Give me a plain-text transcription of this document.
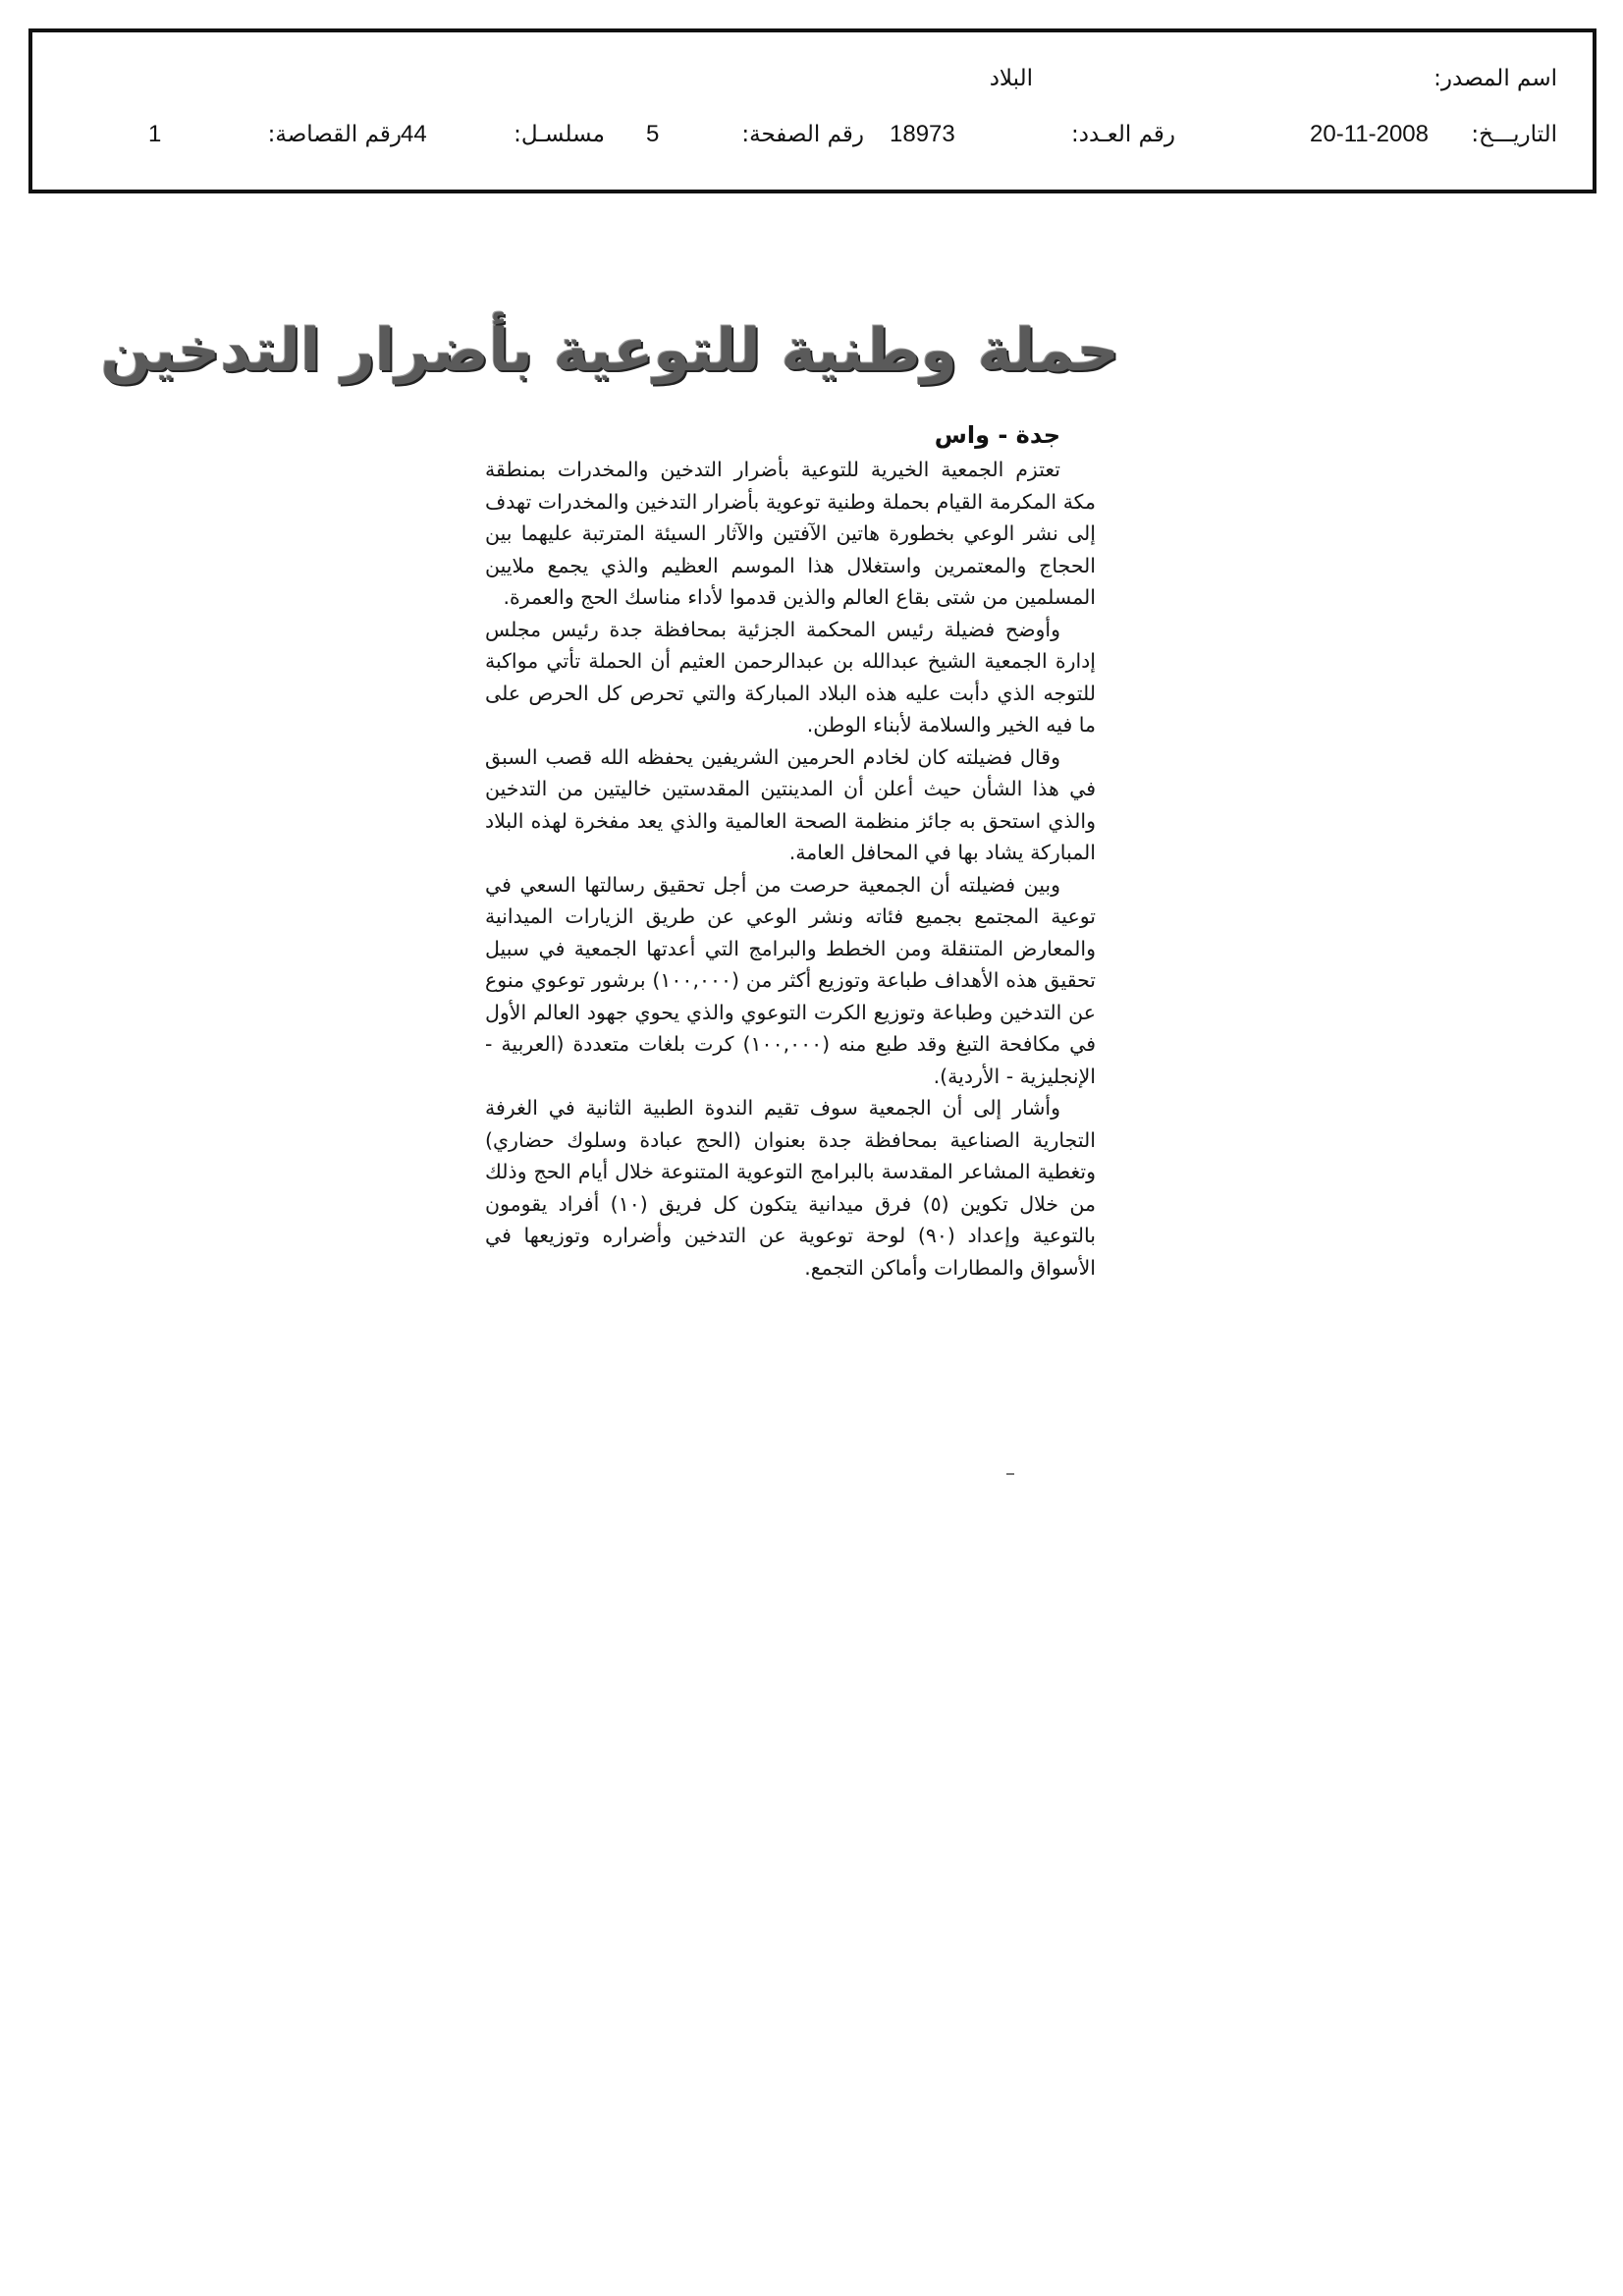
اسم المصدر:
البلاد
التاريـــخ:
20-11-2008
رقم العـدد:
18973
رقم الصفحة:
5
مسلسـل:
44
رقم القصاصة:
1
حملة وطنية للتوعية بأضرار التدخين
جدة - واس

تعتزم الجمعية الخيرية للتوعية بأضرار التدخين والمخدرات بمنطقة مكة المكرمة القيام بحملة وطنية توعوية بأضرار التدخين والمخدرات تهدف إلى نشر الوعي بخطورة هاتين الآفتين والآثار السيئة المترتبة عليهما بين الحجاج والمعتمرين واستغلال هذا الموسم العظيم والذي يجمع ملايين المسلمين من شتى بقاع العالم والذين قدموا لأداء مناسك الحج والعمرة.

وأوضح فضيلة رئيس المحكمة الجزئية بمحافظة جدة رئيس مجلس إدارة الجمعية الشيخ عبدالله بن عبدالرحمن العثيم أن الحملة تأتي مواكبة للتوجه الذي دأبت عليه هذه البلاد المباركة والتي تحرص كل الحرص على ما فيه الخير والسلامة لأبناء الوطن.

وقال فضيلته كان لخادم الحرمين الشريفين يحفظه الله قصب السبق في هذا الشأن حيث أعلن أن المدينتين المقدستين خاليتين من التدخين والذي استحق به جائز منظمة الصحة العالمية والذي يعد مفخرة لهذه البلاد المباركة يشاد بها في المحافل العامة.

وبين فضيلته أن الجمعية حرصت من أجل تحقيق رسالتها السعي في توعية المجتمع بجميع فئاته ونشر الوعي عن طريق الزيارات الميدانية والمعارض المتنقلة ومن الخطط والبرامج التي أعدتها الجمعية في سبيل تحقيق هذه الأهداف طباعة وتوزيع أكثر من (١٠٠,٠٠٠) برشور توعوي منوع عن التدخين وطباعة وتوزيع الكرت التوعوي والذي يحوي جهود العالم الأول في مكافحة التبغ وقد طبع منه (١٠٠,٠٠٠) كرت بلغات متعددة (العربية - الإنجليزية - الأردية).

وأشار إلى أن الجمعية سوف تقيم الندوة الطبية الثانية في الغرفة التجارية الصناعية بمحافظة جدة بعنوان (الحج عبادة وسلوك حضاري) وتغطية المشاعر المقدسة بالبرامج التوعوية المتنوعة خلال أيام الحج وذلك من خلال تكوين (٥) فرق ميدانية يتكون كل فريق (١٠) أفراد يقومون بالتوعية وإعداد (٩٠) لوحة توعوية عن التدخين وأضراره وتوزيعها في الأسواق والمطارات وأماكن التجمع.
